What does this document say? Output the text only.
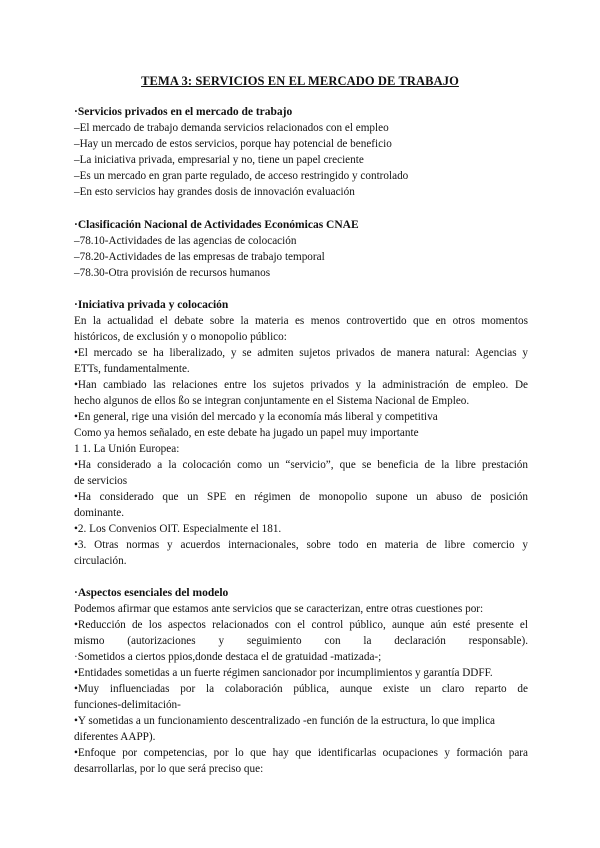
TEMA 3: SERVICIOS EN EL MERCADO DE TRABAJO
·Servicios privados en el mercado de trabajo
–El mercado de trabajo demanda servicios relacionados con el empleo
–Hay un mercado de estos servicios, porque hay potencial de beneficio
–La iniciativa privada, empresarial y no, tiene un papel creciente
–Es un mercado en gran parte regulado, de acceso restringido y controlado
–En esto servicios hay grandes dosis de innovación evaluación
·Clasificación Nacional de Actividades Económicas CNAE
–78.10-Actividades de las agencias de colocación
–78.20-Actividades de las empresas de trabajo temporal
–78.30-Otra provisión de recursos humanos
·Iniciativa privada y colocación
En la actualidad el debate sobre la materia es menos controvertido que en otros momentos
históricos, de exclusión y o monopolio público:
•El mercado se ha liberalizado, y se admiten sujetos privados de manera natural: Agencias y
ETTs, fundamentalmente.
•Han cambiado las relaciones entre los sujetos privados y la administración de empleo. De
hecho algunos de ellos ßo se integran conjuntamente en el Sistema Nacional de Empleo.
•En general, rige una visión del mercado y la economía más liberal y competitiva
Como ya hemos señalado, en este debate ha jugado un papel muy importante
1 1. La Unión Europea:
•Ha considerado a la colocación como un “servicio”, que se beneficia de la libre prestación
de servicios
•Ha considerado que un SPE en régimen de monopolio supone un abuso de posición
dominante.
•2. Los Convenios OIT. Especialmente el 181.
•3. Otras normas y acuerdos internacionales, sobre todo en materia de libre comercio y
circulación.
·Aspectos esenciales del modelo
Podemos afirmar que estamos ante servicios que se caracterizan, entre otras cuestiones por:
•Reducción de los aspectos relacionados con el control público, aunque aún esté presente el
mismo (autorizaciones y seguimiento con la declaración responsable).
·Sometidos a ciertos ppios,donde destaca el de gratuidad -matizada-;
•Entidades sometidas a un fuerte régimen sancionador por incumplimientos y garantía DDFF.
•Muy influenciadas por la colaboración pública, aunque existe un claro reparto de
funciones-delimitación-
•Y sometidas a un funcionamiento descentralizado -en función de la estructura, lo que implica
diferentes AAPP).
•Enfoque por competencias, por lo que hay que identificarlas ocupaciones y formación para
desarrollarlas, por lo que será preciso que:
